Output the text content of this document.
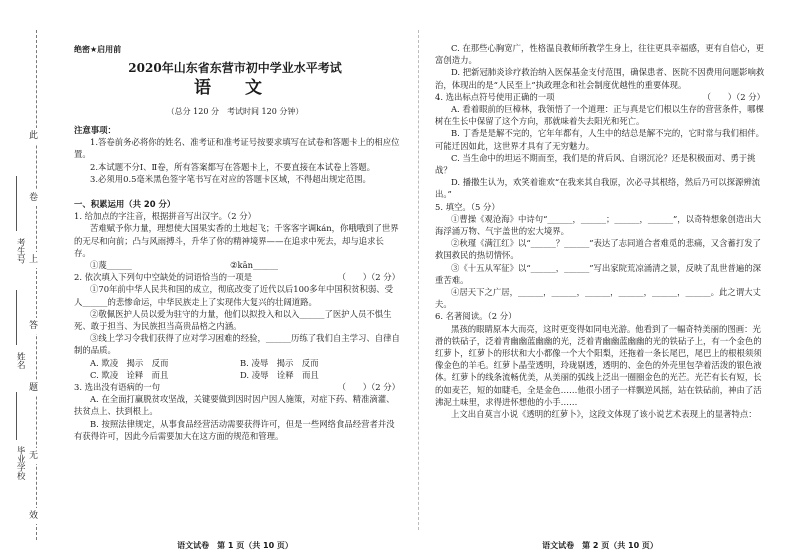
此
卷
上
答
题
无
效
考生号
姓名
毕业学校
绝密★启用前
2020年山东省东营市初中学业水平考试
语 文
（总分 120 分　考试时间 120 分钟）

注意事项：

1.答卷前务必将你的姓名、准考证和准考证号按要求填写在试卷和答题卡上的相应位置。

2.本试题不分Ⅰ、Ⅱ卷，所有答案都写在答题卡上，不要直接在本试卷上答题。

3.必须用0.5毫米黑色签字笔书写在对应的答题卡区域，不得超出规定范围。

一、积累运用（共 20 分）

1. 给加点的字注音，根据拼音写出汉字。（2 分）

苦难赋予你力量，理想使大国果实香的土地起飞；千客客字调kán，你哦哦到了世界的无尽和向前；凸与风雨搏斗，升华了你的精神境界——在追求中死去，却与追求长存。

①蔑______	②kān______

2. 依次填入下列句中空缺处的词语恰当的一项是	（　　）（2 分）

①70年前中华人民共和国的成立，彻底改变了近代以后100多年中国积贫积弱、受人______的悲惨命运，中华民族走上了实现伟大复兴的壮阔道路。

②敬佩医护人员以爱为驻守的力量，他们以拟投入和以入______了医护人员不惧生死、敢于担当、为民族担当高贵品格之内涵。

③线上学习令我们获得了应对学习困难的经验，______历练了我们自主学习、自律自制的品质。

A. 欺凌　揭示　反而	B. 凌辱　揭示　反而
C. 欺凌　诠释　而且	D. 凌辱　诠释　而且

3. 选出没有语病的一句	（　　）（2 分）

A. 在全面打赢脱贫攻坚战，关键要做到因时因户因人施策，对症下药、精准滴灌、扶贫点上、扶到根上。

B. 按照法律规定，从事食品经营活动需要获得许可，但是一些网络食品经营者并没有获得许可，因此今后需要加大在这方面的规范和管理。

语文试卷　第 1 页（共 10 页）

C. 在那些心胸宽广，性格温良教师所教学生身上，往往更具幸福感，更有自信心，更富创造力。

D. 把新冠肺炎诊疗救治纳入医保基金支付范围，确保患者、医院不因费用问题影响救治，体现出的是“人民至上”执政理念和社会制度优越性的重要体现。

4. 选出标点符号使用正确的一项	（　　）（2 分）

A. 看着眼前的巨樟林，我领悟了一个道理：正与真是它们根以生存的营营条件，哪棵树在生长中保留了这个方向，那就味着失去阳光和死亡。

B. 丁香是是解不完的，它年年都有，人生中的结总是解不完的，它时常与我们相伴。可能迁因如此，这世界才具有了无穷魅力。

C. 当生命中的坦运不期而至，我们是的背后风、自诩沉沦？还是积极面对、勇于挑战？

D. 播撒生认为，欢笑着谁欢“在我来其自我原，次必寻其根络，然后乃可以探源辨流出。”

5. 填空。（5 分）

①曹操《观沧海》中诗句“______，______；______，______”，以奇特想象创造出大海浮涌万物、气宇盖世的宏大境界。

②秋瑾《满江红》以“______？______”表达了志同道合者难觅的悲痛，又含蓄打发了救国救民的热切情怀。

③《十五从军征》以“______，______”写出家院荒凉涌清之景，反映了乱世普遍的深重苦难。

④居天下之广居，______，______，______，______，______，______。此之谓大丈夫。

6. 名著阅读。（2 分）

黑孩的眼睛原本大而亮，这时更变得如同电光游。他看到了一幅奇特美丽的图画：光滑的铁砧子，泛着青幽幽蓝幽幽的光，泛着青幽幽蓝幽幽的光的铁砧子上，有一个金色的红萝卜，红萝卜的形状和大小都像一个大个阳梨，还拖着一条长尾巴，尾巴上的根根须须像金色的羊毛。红萝卜晶莹透明，玲珑剔透，透明的、金色的外壳里包孕着活泼的银色液体。红萝卜的线条流畅优美，从美丽的弧线上泛出一圈圈金色的光芒。光芒有长有短，长的如麦芒，短的如睫毛，全是金色……他很小团子一样飘逆风摇，站在铁砧前，神由了活沸泥土味里，求得进怀想他的小手……

上文出自莫言小说《透明的红萝卜》，这段文体现了该小说艺术表现上的显著特点：

语文试卷　第 2 页（共 10 页）
